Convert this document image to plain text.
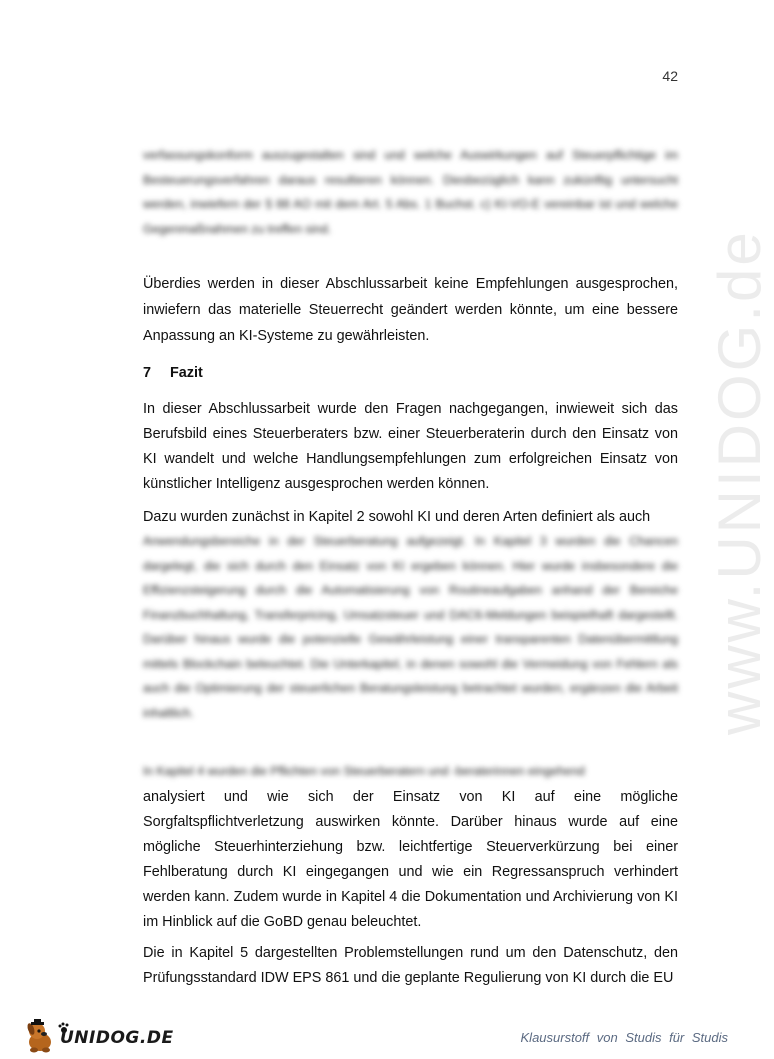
42
www.UNIDOG.de

verfassungskonform auszugestalten sind und welche Auswirkungen auf Steuerpflichtige im Besteuerungsverfahren daraus resultieren können. Diesbezüglich kann zukünftig untersucht werden, inwiefern der § 88 AO mit dem Art. 5 Abs. 1 Buchst. c) KI-VO-E vereinbar ist und welche Gegenmaßnahmen zu treffen sind.

Überdies werden in dieser Abschlussarbeit keine Empfehlungen ausgesprochen, inwiefern das materielle Steuerrecht geändert werden könnte, um eine bessere Anpassung an KI-Systeme zu gewährleisten.

7 Fazit

In dieser Abschlussarbeit wurde den Fragen nachgegangen, inwieweit sich das Berufsbild eines Steuerberaters bzw. einer Steuerberaterin durch den Einsatz von KI wandelt und welche Handlungsempfehlungen zum erfolgreichen Einsatz von künstlicher Intelligenz ausgesprochen werden können.

Dazu wurden zunächst in Kapitel 2 sowohl KI und deren Arten definiert als auch

Anwendungsbereiche in der Steuerberatung aufgezeigt. In Kapitel 3 wurden die Chancen dargelegt, die sich durch den Einsatz von KI ergeben können. Hier wurde insbesondere die Effizienzsteigerung durch die Automatisierung von Routineaufgaben anhand der Bereiche Finanzbuchhaltung, Transferpricing, Umsatzsteuer und DAC6-Meldungen beispielhaft dargestellt. Darüber hinaus wurde die potenzielle Gewährleistung einer transparenten Datenübermittlung mittels Blockchain beleuchtet. Die Unterkapitel, in denen sowohl die Vermeidung von Fehlern als auch die Optimierung der steuerlichen Beratungsleistung betrachtet wurden, ergänzen die Arbeit inhaltlich.

In Kapitel 4 wurden die Pflichten von Steuerberatern und -beraterinnen eingehend

analysiert und wie sich der Einsatz von KI auf eine mögliche Sorgfaltspflichtverletzung auswirken könnte. Darüber hinaus wurde auf eine mögliche Steuerhinterziehung bzw. leichtfertige Steuerverkürzung bei einer Fehlberatung durch KI eingegangen und wie ein Regressanspruch verhindert werden kann. Zudem wurde in Kapitel 4 die Dokumentation und Archivierung von KI im Hinblick auf die GoBD genau beleuchtet.

Die in Kapitel 5 dargestellten Problemstellungen rund um den Datenschutz, den Prüfungsstandard IDW EPS 861 und die geplante Regulierung von KI durch die EU

UNIDOG.DE	Klausurstoff von Studis für Studis
